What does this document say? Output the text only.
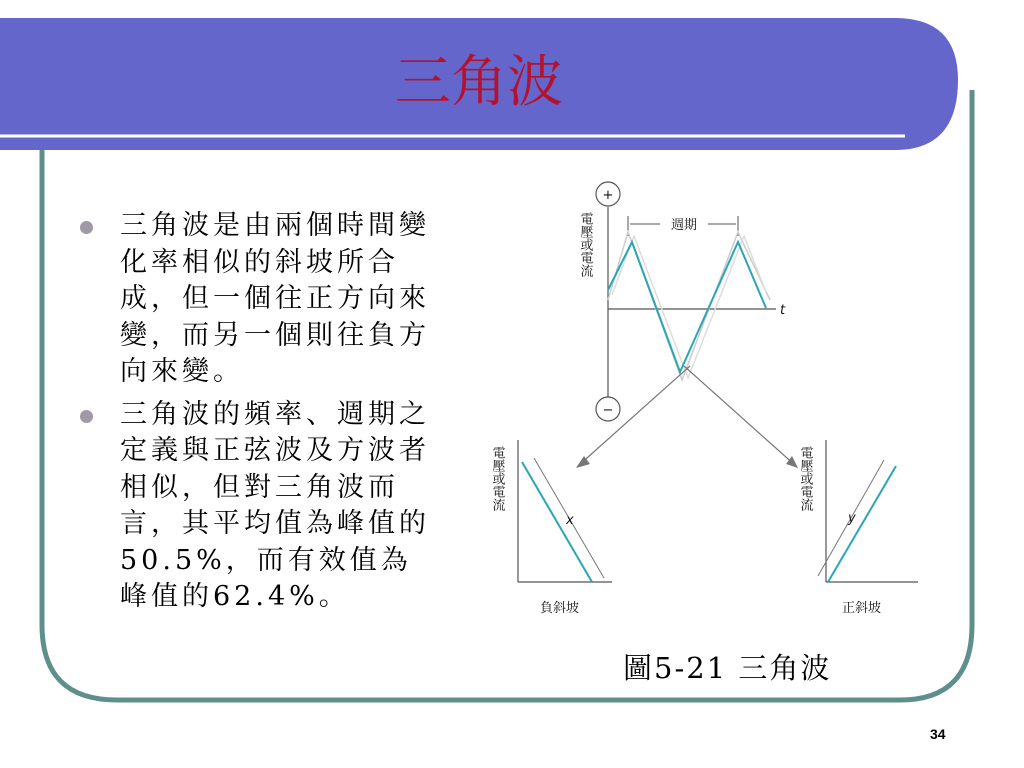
三角波
三角波是由兩個時間變化率相似的斜坡所合成，但一個往正方向來變，而另一個則往負方向來變。
三角波的頻率、週期之定義與正弦波及方波者相似，但對三角波而言，其平均值為峰值的50.5%，而有效值為峰值的62.4%。
+
−
電壓或電流
t
週期
電壓或電流
x
負斜坡
電壓或電流
y
正斜坡
圖5-21 三角波
34
